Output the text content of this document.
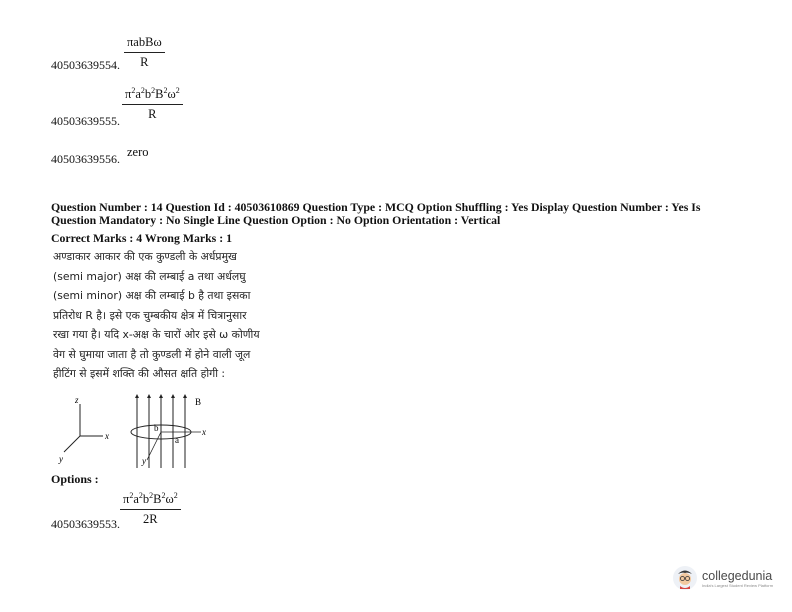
πabBω
R
40503639554.
$\frac{\pi^2a^2b^2B^2\omega^2}{R}$
40503639555.
40503639556. zero
Question Number : 14 Question Id : 40503610869 Question Type : MCQ Option Shuffling : Yes Display Question Number : Yes Is
Question Mandatory : No Single Line Question Option : No Option Orientation : Vertical
Correct Marks : 4 Wrong Marks : 1
अण्डाकार आकार की एक कुण्डली के अर्धप्रमुख
(semi major) अक्ष की लम्बाई a तथा अर्धलघु
(semi minor) अक्ष की लम्बाई b है तथा इसका
प्रतिरोध R है। इसे एक चुम्बकीय क्षेत्र में चित्रानुसार
रखा गया है। यदि x-अक्ष के चारों ओर इसे ω कोणीय
वेग से घुमाया जाता है तो कुण्डली में होने वाली जूल
हीटिंग से इसमें शक्ति की औसत क्षति होगी :
z
x
y
B
b
a
x
y
Options :
$\frac{\pi^2a^2b^2B^2\omega^2}{2R}$
40503639553.
collegedunia
India's Largest Student Review Platform
